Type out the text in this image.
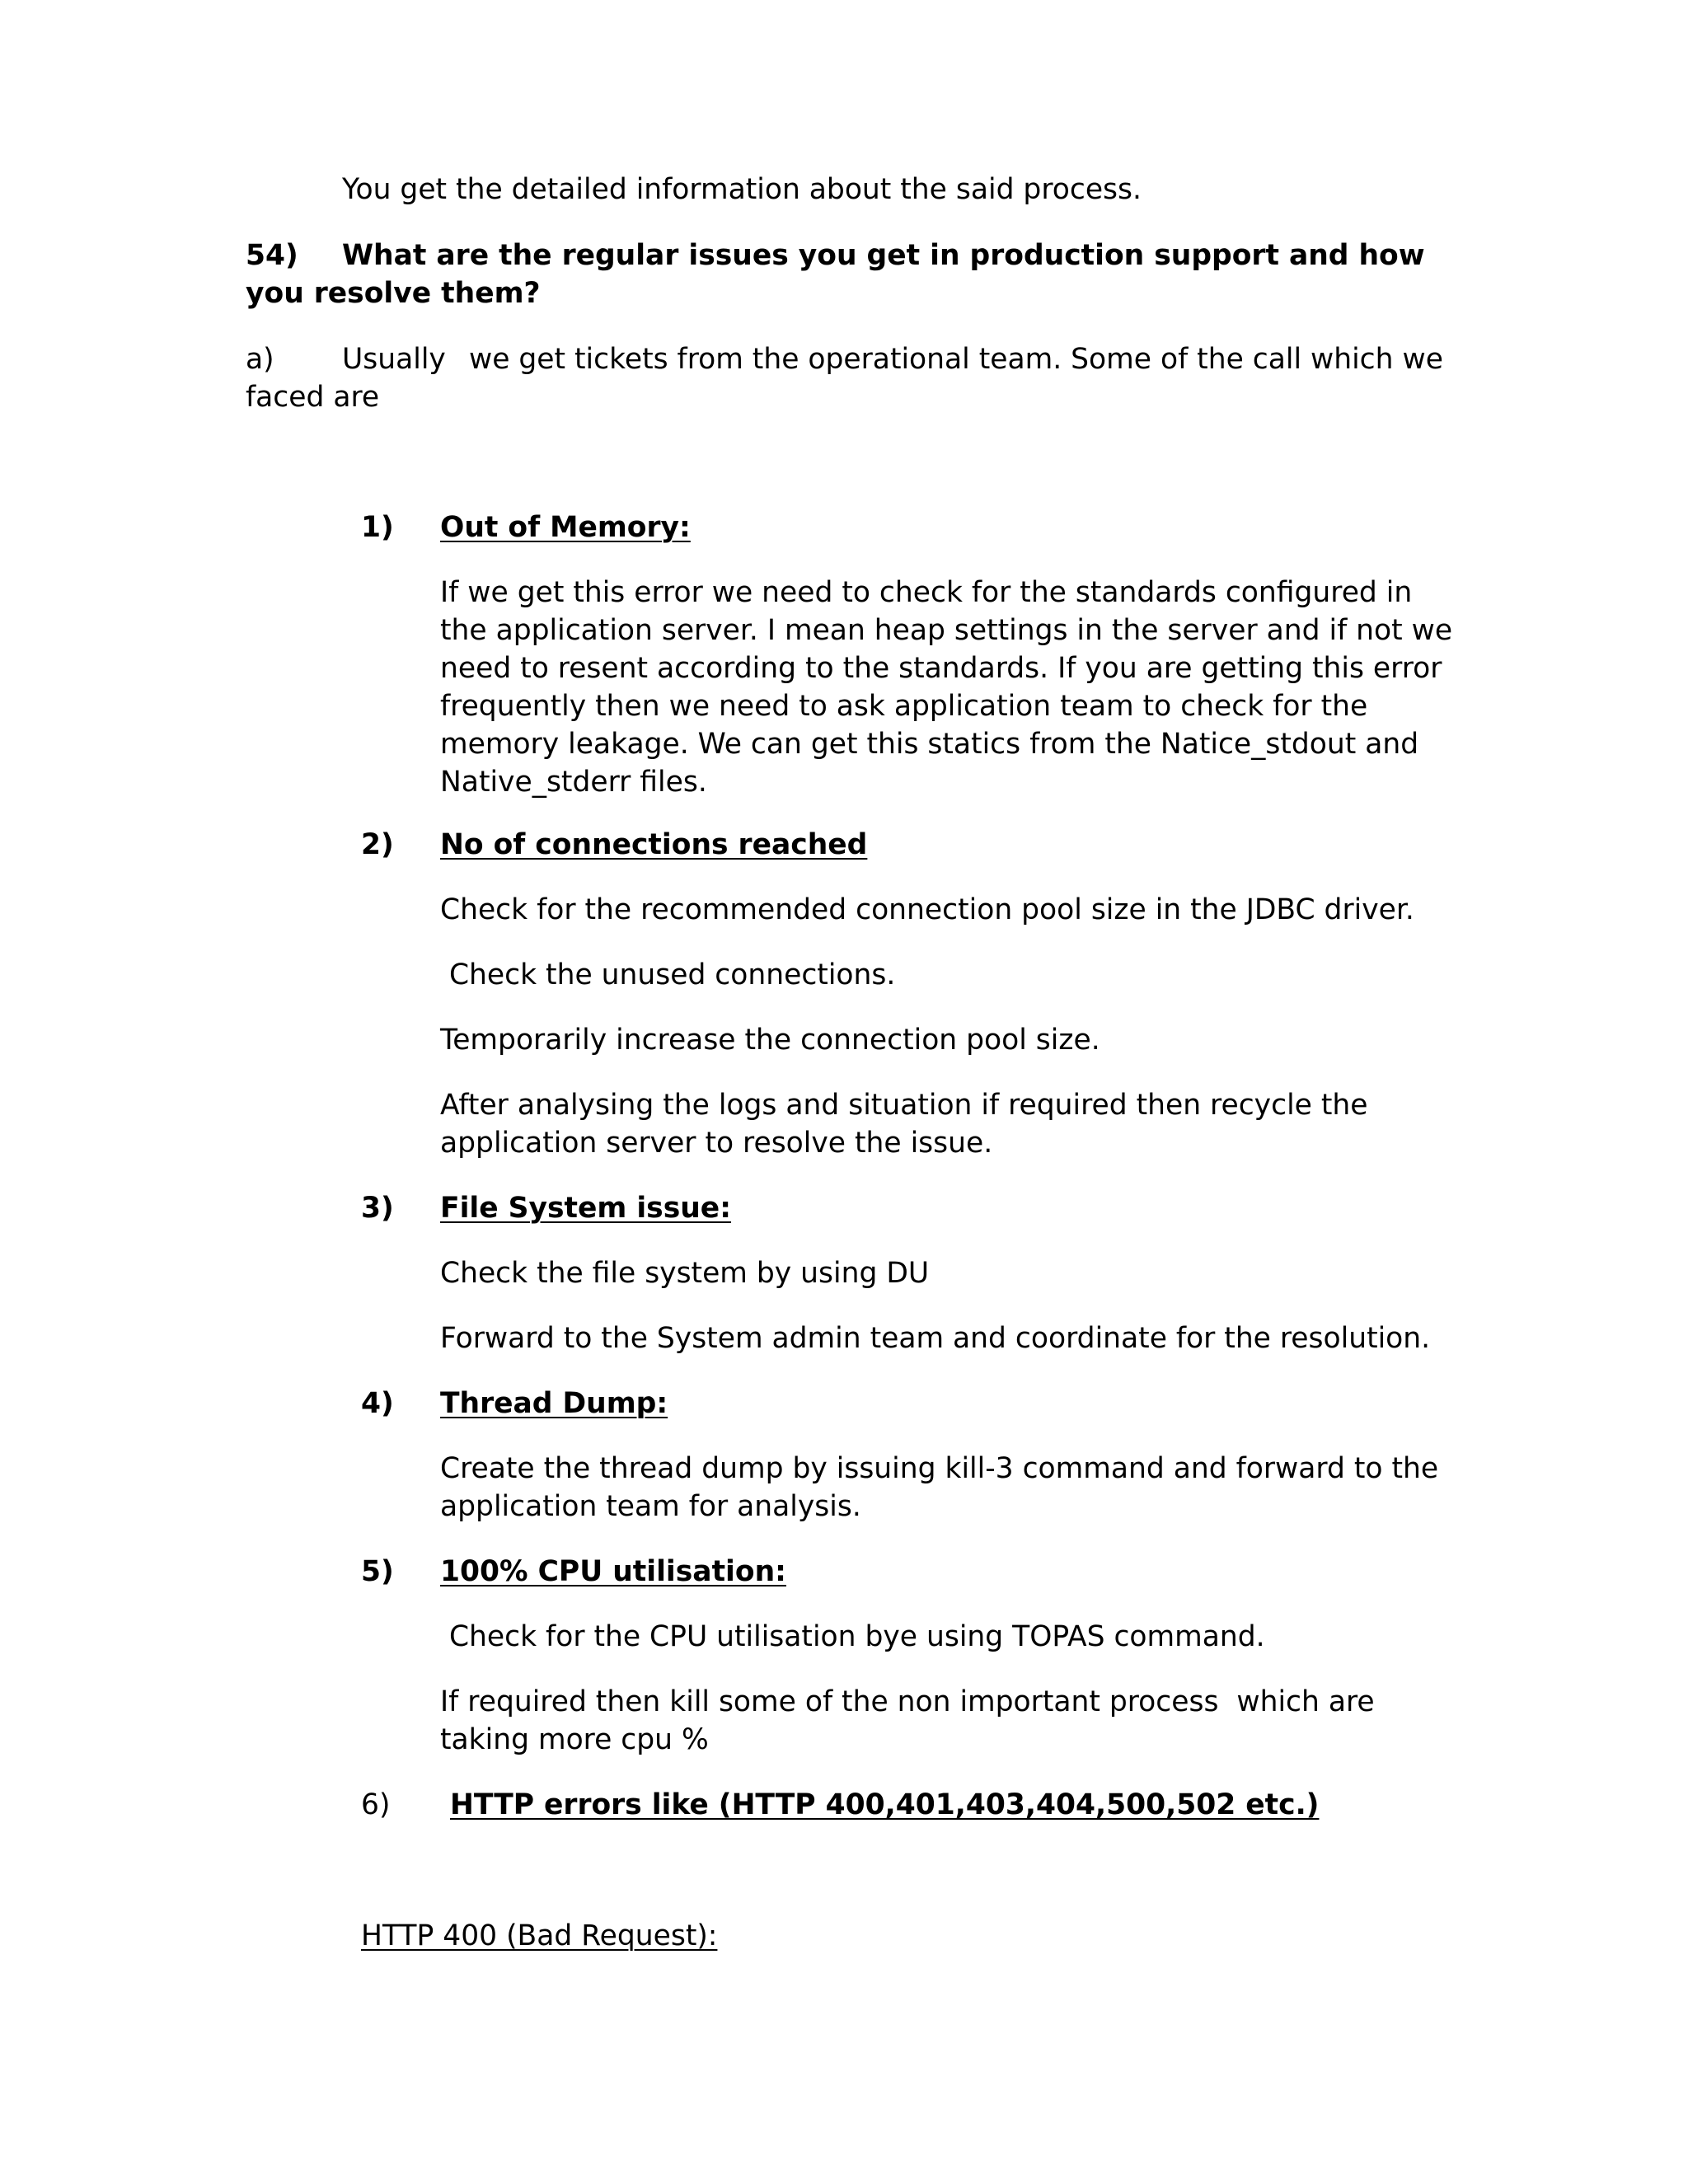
You get the detailed information about the said process.
54) What are the regular issues you get in production support and how
you resolve them?
a) Usually we get tickets from the operational team. Some of the call which we
faced are
1) Out of Memory:
If we get this error we need to check for the standards configured in
the application server. I mean heap settings in the server and if not we
need to resent according to the standards. If you are getting this error
frequently then we need to ask application team to check for the
memory leakage. We can get this statics from the Natice_stdout and
Native_stderr files.
2) No of connections reached
Check for the recommended connection pool size in the JDBC driver.
Check the unused connections.
Temporarily increase the connection pool size.
After analysing the logs and situation if required then recycle the
application server to resolve the issue.
3) File System issue:
Check the file system by using DU
Forward to the System admin team and coordinate for the resolution.
4) Thread Dump:
Create the thread dump by issuing kill-3 command and forward to the
application team for analysis.
5) 100% CPU utilisation:
Check for the CPU utilisation bye using TOPAS command.
If required then kill some of the non important process  which are
taking more cpu %
6) HTTP errors like (HTTP 400,401,403,404,500,502 etc.)
HTTP 400 (Bad Request):
